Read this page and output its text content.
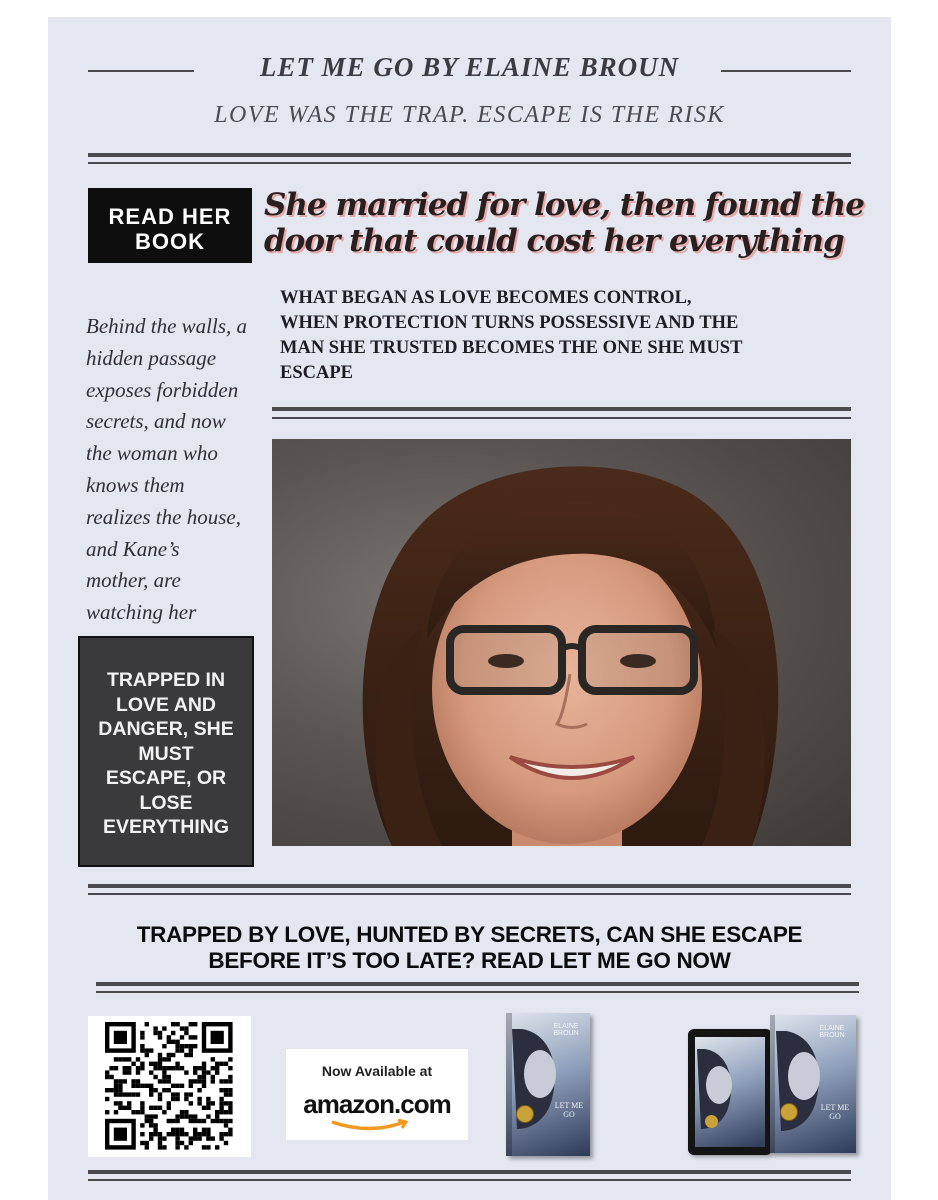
LET ME GO BY ELAINE BROUN
LOVE WAS THE TRAP. ESCAPE IS THE RISK
READ HER
BOOK
She married for love, then found the
door that could cost her everything
WHAT BEGAN AS LOVE BECOMES CONTROL,
WHEN PROTECTION TURNS POSSESSIVE AND THE
MAN SHE TRUSTED BECOMES THE ONE SHE MUST
ESCAPE
Behind the walls, a
hidden passage
exposes forbidden
secrets, and now
the woman who
knows them
realizes the house,
and Kane’s
mother, are
watching her
TRAPPED IN
LOVE AND
DANGER, SHE
MUST
ESCAPE, OR
LOSE
EVERYTHING
TRAPPED BY LOVE, HUNTED BY SECRETS, CAN SHE ESCAPE
BEFORE IT’S TOO LATE? READ LET ME GO NOW
Now Available at
amazon.com
ELAINE BROUN
LET ME
GO
ELAINE BROUN
LET ME
GO
